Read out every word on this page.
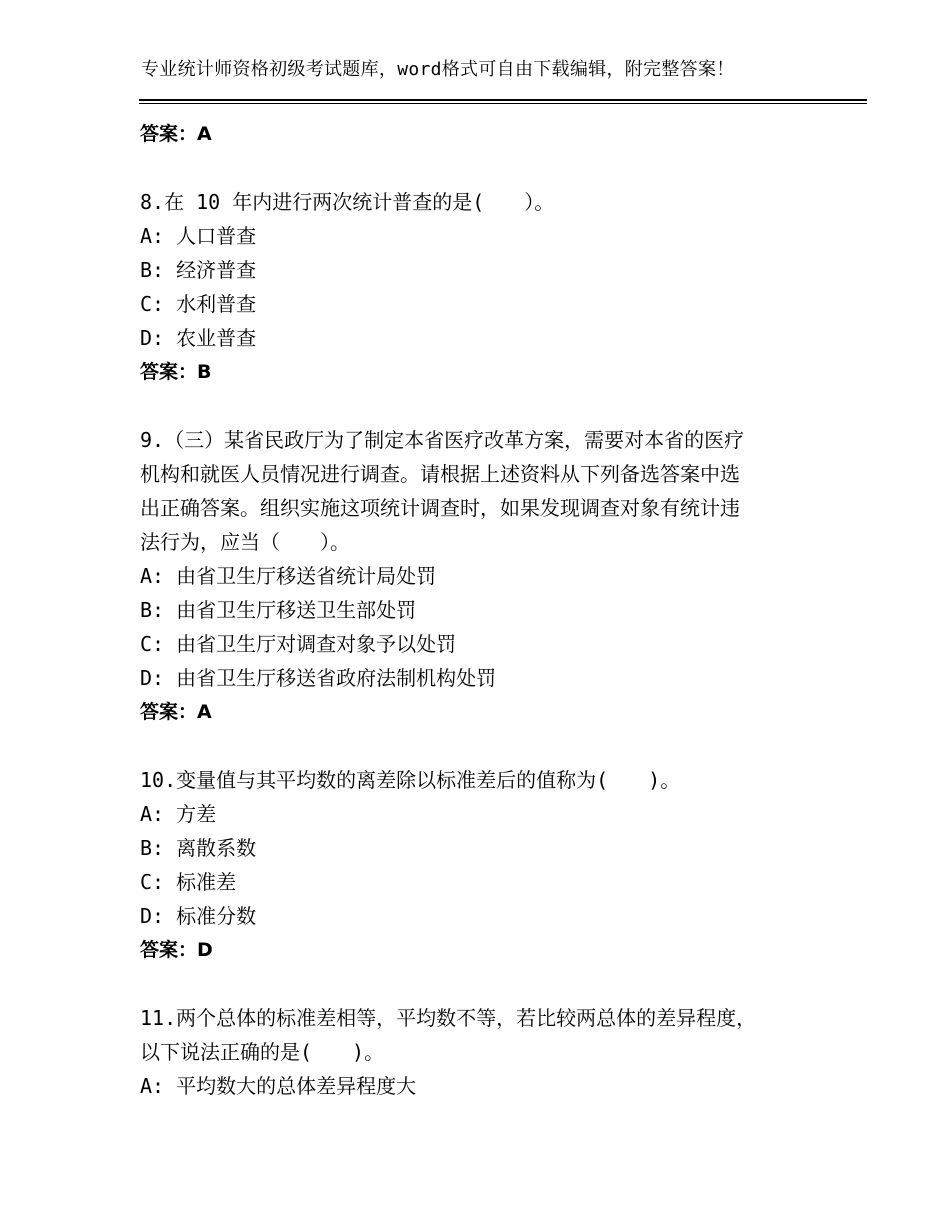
专业统计师资格初级考试题库，word格式可自由下载编辑，附完整答案！
答案：A
8.在 10 年内进行两次统计普查的是(　　）。
A: 人口普查
B: 经济普查
C: 水利普查
D: 农业普查
答案：B
9.（三）某省民政厅为了制定本省医疗改革方案，需要对本省的医疗
机构和就医人员情况进行调查。请根据上述资料从下列备选答案中选
出正确答案。组织实施这项统计调查时，如果发现调查对象有统计违
法行为，应当（　　）。
A: 由省卫生厅移送省统计局处罚
B: 由省卫生厅移送卫生部处罚
C: 由省卫生厅对调查对象予以处罚
D: 由省卫生厅移送省政府法制机构处罚
答案：A
10.变量值与其平均数的离差除以标准差后的值称为(　　)。
A: 方差
B: 离散系数
C: 标准差
D: 标准分数
答案：D
11.两个总体的标准差相等，平均数不等，若比较两总体的差异程度，
以下说法正确的是(　　)。
A: 平均数大的总体差异程度大
